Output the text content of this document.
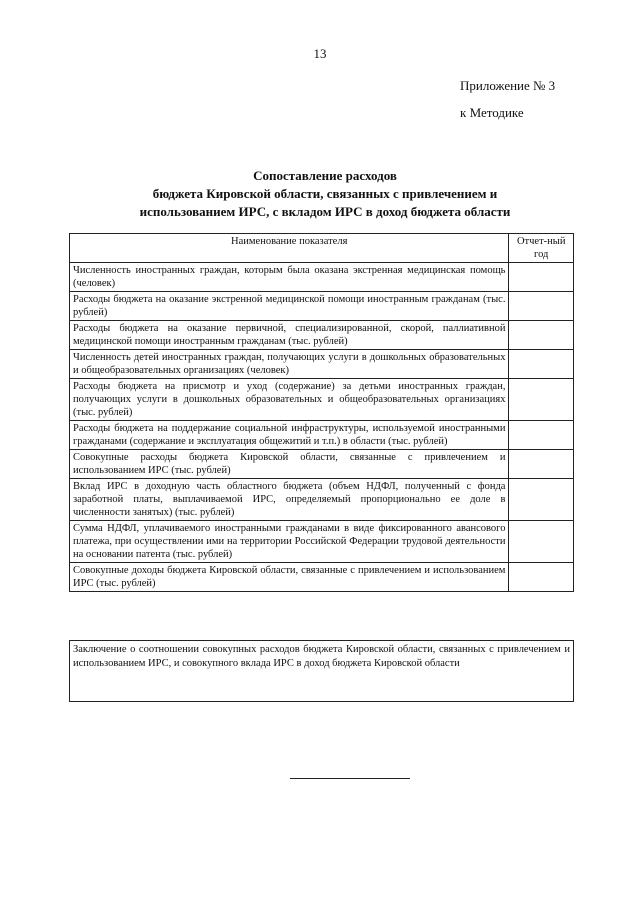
13
Приложение № 3
к Методике
Сопоставление расходов
бюджета Кировской области, связанных с привлечением и
использованием ИРС, с вкладом ИРС в доход бюджета области
Наименование показателя	Отчет-ный год
Численность иностранных граждан, которым была оказана экстренная медицинская помощь (человек)	
Расходы бюджета на оказание экстренной медицинской помощи иностранным гражданам (тыс. рублей)	
Расходы бюджета на оказание первичной, специализированной, скорой, паллиативной медицинской помощи иностранным гражданам (тыс. рублей)	
Численность детей иностранных граждан, получающих услуги в дошкольных образовательных и общеобразовательных организациях (человек)	
Расходы бюджета на присмотр и уход (содержание) за детьми иностранных граждан, получающих услуги в дошкольных образовательных и общеобразовательных организациях (тыс. рублей)	
Расходы бюджета на поддержание социальной инфраструктуры, используемой иностранными гражданами (содержание и эксплуатация общежитий и т.п.) в области (тыс. рублей)	
Совокупные расходы бюджета Кировской области, связанные с привлечением и использованием ИРС (тыс. рублей)	
Вклад ИРС в доходную часть областного бюджета (объем НДФЛ, полученный с фонда заработной платы, выплачиваемой ИРС, определяемый пропорционально ее доле в численности занятых) (тыс. рублей)	
Сумма НДФЛ, уплачиваемого иностранными гражданами в виде фиксированного авансового платежа, при осуществлении ими на территории Российской Федерации трудовой деятельности на основании патента (тыс. рублей)	
Совокупные доходы бюджета Кировской области, связанные с привлечением и использованием ИРС (тыс. рублей)	
Заключение о соотношении совокупных расходов бюджета Кировской области, связанных с привлечением и использованием ИРС, и совокупного вклада ИРС в доход бюджета Кировской области
